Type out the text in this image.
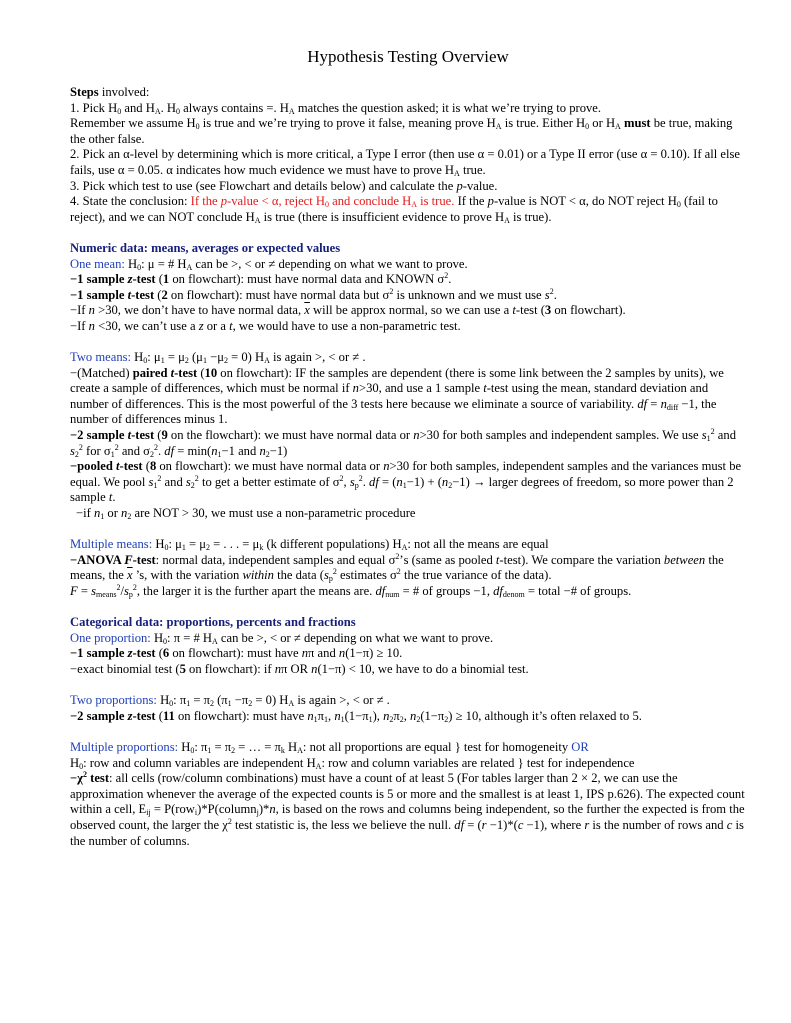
Hypothesis Testing Overview

Steps involved:

1. Pick $H_0$ and $H_A$. $H_0$ always contains =. $H_A$ matches the question asked; it is what we’re trying to prove.
Remember we assume $H_0$ is true and we’re trying to prove it false, meaning prove $H_A$ is true. Either $H_0$ or $H_A$ must be true, making the other false.

2. Pick an α-level by determining which is more critical, a Type I error (then use α = 0.01) or a Type II error (use α = 0.10). If all else fails, use α = 0.05. α indicates how much evidence we must have to prove $H_A$ true.

3. Pick which test to use (see Flowchart and details below) and calculate the p-value.

4. State the conclusion: If the p-value < α, reject $H_0$ and conclude $H_A$ is true. If the p-value is NOT < α, do NOT reject $H_0$ (fail to reject), and we can NOT conclude $H_A$ is true (there is insufficient evidence to prove $H_A$ is true).

Numeric data: means, averages or expected values

One mean: $H_0$: μ = # $H_A$ can be >, < or ≠ depending on what we want to prove.

−1 sample z-test (1 on flowchart): must have normal data and KNOWN $\sigma^2$.

−1 sample t-test (2 on flowchart): must have normal data but $\sigma^2$ is unknown and we must use $s^2$.

−If n >30, we don’t have to have normal data, $\overline{x}$ will be approx normal, so we can use a t-test (3 on flowchart).

−If n <30, we can’t use a z or a t, we would have to use a non-parametric test.

Two means: $H_0$: $\mu_1 = \mu_2$ $(\mu_1 -\mu_2 = 0)$ $H_A$ is again >, < or ≠ .

−(Matched) paired t-test (10 on flowchart): IF the samples are dependent (there is some link between the 2 samples by units), we create a sample of differences, which must be normal if n>30, and use a 1 sample t-test using the mean, standard deviation and number of differences. This is the most powerful of the 3 tests here because we eliminate a source of variability. df = $n_{diff} -1$, the number of differences minus 1.

−2 sample t-test (9 on the flowchart): we must have normal data or n>30 for both samples and independent samples. We use $s_1^2$ and $s_2^2$ for $\sigma_1^2$ and $\sigma_2^2$. df = $\min(n_1-1$ and $n_2-1$)

−pooled t-test (8 on flowchart): we must have normal data or n>30 for both samples, independent samples and the variances must be equal. We pool $s_1^2$ and $s_2^2$ to get a better estimate of $\sigma^2$, $s_p^2$. df = $(n_1-1) + (n_2-1)$ → larger degrees of freedom, so more power than 2 sample t.

−if $n_1$ or $n_2$ are NOT > 30, we must use a non-parametric procedure

Multiple means: $H_0$: $\mu_1 = \mu_2$ = . . . = $\mu_k$ (k different populations) $H_A$: not all the means are equal

−ANOVA F-test: normal data, independent samples and equal $\sigma^2’s$ (same as pooled t-test). We compare the variation between the means, the $\overline{x}$ ’s, with the variation within the data ($s_p^2$ estimates $\sigma^2$ the true variance of the data).
$F = s_{means}^2/s_p^2$, the larger it is the further apart the means are. $df_{num}$ = # of groups −1, $df_{denom}$ = total −# of groups.

Categorical data: proportions, percents and fractions

One proportion: $H_0$: π = # $H_A$ can be >, < or ≠ depending on what we want to prove.

−1 sample z-test (6 on flowchart): must have nπ and n(1−π) ≥ 10.

−exact binomial test (5 on flowchart): if nπ OR n(1−π) < 10, we have to do a binomial test.

Two proportions: $H_0$: $\pi_1 = \pi_2$ $(\pi_1 -\pi_2 = 0)$ $H_A$ is again >, < or ≠ .

−2 sample z-test (11 on flowchart): must have $n_1\pi_1$, $n_1(1-\pi_1)$, $n_2\pi_2$, $n_2(1-\pi_2) \ge 10$, although it’s often relaxed to 5.

Multiple proportions: $H_0$: $\pi_1 = \pi_2$ = … = $\pi_k$ $H_A$: not all proportions are equal } test for homogeneity OR
$H_0$: row and column variables are independent $H_A$: row and column variables are related } test for independence

$-\chi^2$ test: all cells (row/column combinations) must have a count of at least 5 (For tables larger than 2 × 2, we can use the approximation whenever the average of the expected counts is 5 or more and the smallest is at least 1, IPS p.626). The expected count within a cell, $E_{ij}$ = P(row$_i$)*P(column$_j$)*n, is based on the rows and columns being independent, so the further the expected is from the observed count, the larger the $\chi^2$ test statistic is, the less we believe the null. df = (r −1)*(c −1), where r is the number of rows and c is the number of columns.
